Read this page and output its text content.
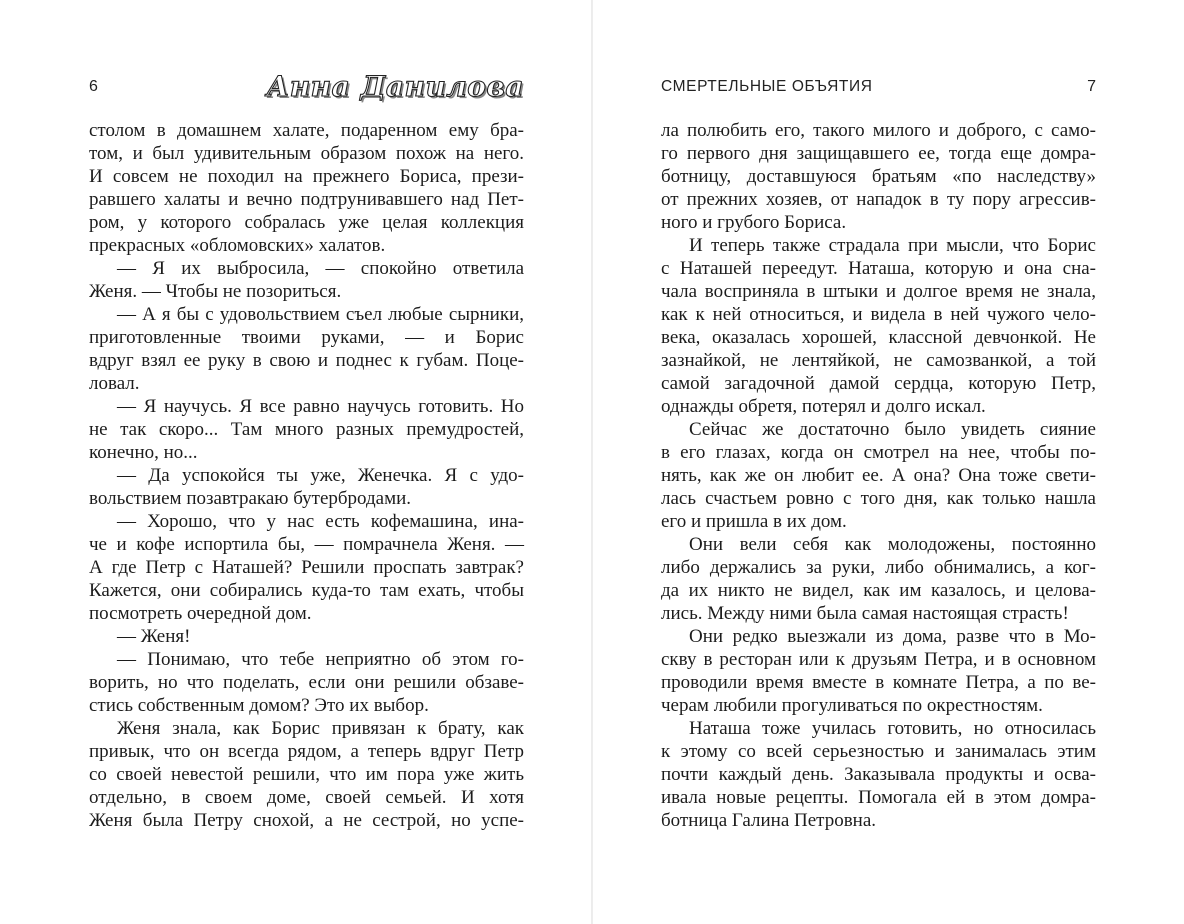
6	Анна Данилова
столом в домашнем халате, подаренном ему бра-
том, и был удивительным образом похож на него.
И совсем не походил на прежнего Бориса, прези-
равшего халаты и вечно подтрунивавшего над Пет-
ром, у которого собралась уже целая коллекция
прекрасных «обломовских» халатов.
— Я их выбросила, — спокойно ответила
Женя. — Чтобы не позориться.
— А я бы с удовольствием съел любые сырники,
приготовленные твоими руками, — и Борис
вдруг взял ее руку в свою и поднес к губам. Поце-
ловал.
— Я научусь. Я все равно научусь готовить. Но
не так скоро... Там много разных премудростей,
конечно, но...
— Да успокойся ты уже, Женечка. Я с удо-
вольствием позавтракаю бутербродами.
— Хорошо, что у нас есть кофемашина, ина-
че и кофе испортила бы, — помрачнела Женя. —
А где Петр с Наташей? Решили проспать завтрак?
Кажется, они собирались куда-то там ехать, чтобы
посмотреть очередной дом.
— Женя!
— Понимаю, что тебе неприятно об этом го-
ворить, но что поделать, если они решили обзаве-
стись собственным домом? Это их выбор.
Женя знала, как Борис привязан к брату, как
привык, что он всегда рядом, а теперь вдруг Петр
со своей невестой решили, что им пора уже жить
отдельно, в своем доме, своей семьей. И хотя
Женя была Петру снохой, а не сестрой, но успе-
СМЕРТЕЛЬНЫЕ ОБЪЯТИЯ	7
ла полюбить его, такого милого и доброго, с само-
го первого дня защищавшего ее, тогда еще домра-
ботницу, доставшуюся братьям «по наследству»
от прежних хозяев, от нападок в ту пору агрессив-
ного и грубого Бориса.
И теперь также страдала при мысли, что Борис
с Наташей переедут. Наташа, которую и она сна-
чала восприняла в штыки и долгое время не знала,
как к ней относиться, и видела в ней чужого чело-
века, оказалась хорошей, классной девчонкой. Не
зазнайкой, не лентяйкой, не самозванкой, а той
самой загадочной дамой сердца, которую Петр,
однажды обретя, потерял и долго искал.
Сейчас же достаточно было увидеть сияние
в его глазах, когда он смотрел на нее, чтобы по-
нять, как же он любит ее. А она? Она тоже свети-
лась счастьем ровно с того дня, как только нашла
его и пришла в их дом.
Они вели себя как молодожены, постоянно
либо держались за руки, либо обнимались, а ког-
да их никто не видел, как им казалось, и целова-
лись. Между ними была самая настоящая страсть!
Они редко выезжали из дома, разве что в Мо-
скву в ресторан или к друзьям Петра, и в основном
проводили время вместе в комнате Петра, а по ве-
черам любили прогуливаться по окрестностям.
Наташа тоже училась готовить, но относилась
к этому со всей серьезностью и занималась этим
почти каждый день. Заказывала продукты и осва-
ивала новые рецепты. Помогала ей в этом домра-
ботница Галина Петровна.
